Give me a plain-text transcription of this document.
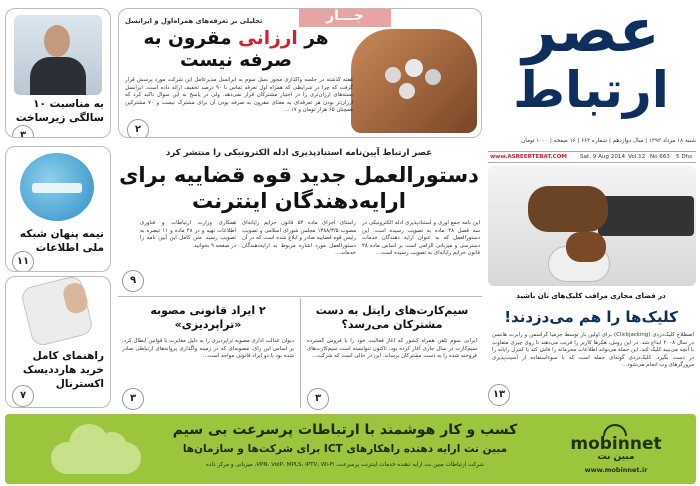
به مناسبت ۱۰ سالگی زیرساخت
۳
نیمه پنهان شبکه ملی اطلاعات
۱۱
راهنمای کامل خرید هارددیسک اکسترنال
۷
جـــار
تحلیلی بر تعرفه‌های همراه‌اول و ایرانسل
هر ارزانی مقرون به
صرفه نیست
هفته گذشته در جلسه واگذاری مجوز نسل سوم به ایرانسل مدیرعامل این شرکت مورد پرسش قرار گرفت که چرا در شرایطی که همراه اول تعرفه تماس با ۹۰ درصد تخفیف ارائه داده است، ایرانسل بسته‌های ارزان‌تری را در اختیار مشترکان قرار نمی‌دهد. ولی در پاسخ به این سوال تاکید کرد که ارزان‌تر بودن هر تعرفه‌ای به معنای مقرون به صرفه بودن آن برای مشترک نیست و ۷۰ مشترکین همچنان ۶۵ هزار تومان و ۱۷ ...
۲
عصر
ارتباط
شنبه ۱۸ مرداد ۱۳۹۳ | سال دوازدهم | شماره ۶۶۳ | ۱۶ صفحه | ۱۰۰۰ تومان
www.ASREERTEBAT.COM Sat. 9 Aug 2014 Vol.12 No.663 5 Dhs
عصر ارتباط آیین‌نامه استنادپذیری ادله الکترونیکی را منتشر کرد
دستورالعمل جدید قوه قضاییه برای
ارایه‌دهندگان اینترنت
این نامه جمع آوری و استنادپذیری ادله الکترونیکی در سه فصل ۴۸ ماده به تصویب رسیده است. این دستورالعمل که به عنوان ارایه دهندگان خدمات دسترسی و میزبانی الزامی است بر اساس ماده ۴۸ قانون جرایم رایانه‌ای به تصویب رسیده است...
راستای اجرای ماده ۵۴ قانون جرایم رایانه‌ای مصوب ۱۳۸۸/۳/۵ مجلس شورای اسلامی و تصویب رئیس قوه قضاییه صادر و ابلاغ شده است که در آن دستورالعمل مورد اشاره مربوط به ارایه‌دهندگان خدمات...
همکاری وزارت ارتباطات و فناوری اطلاعات تهیه و در ۴۸ ماده و ۱۱ تبصره به تصویب رسید. متن کامل این آیین نامه را در صفحه ۹ بخوانید.
۹
در فضای مجازی مراقب کلیک‌های تان باشید
کلیک‌ها را هم می‌دزدند!
اصطلاح کلیک‌دزدی (Clickjacking) برای اولین بار توسط جرمیا گراسمن و رابرت هانسن در سال ۲۰۰۸ ابداع شد. در این روش، هکرها کاربر را فریب می‌دهند تا روی چیزی متفاوت با آنچه می‌بیند کلیک کند. این حمله می‌تواند اطلاعات محرمانه را فاش کند یا کنترل رایانه را در دست بگیرد. کلیک‌دزدی گونه‌ای حمله است که با سوءاستفاده از آسیب‌پذیری مرورگرهای وب انجام می‌شود...
۱۳
سیم‌کارت‌های رایتل به دست مشترکان می‌رسد؟
ایرانی سوم تلفن همراه کشور که آغاز فعالیت خود را با فروش گسترده سیم‌کارت در سال جاری آغاز کرده بود، تاکنون نتوانسته است سیم‌کارت‌های فروخته شده را به دست مشترکان برساند. این در حالی است که شرکت...
۳
۲ ایراد قانونی مصوبه «تراپردیزی»
دیوان عدالت اداری مصوبه تراپردیزی را به دلیل مغایرت با قوانین ابطال کرد. بر اساس این رای، مصوبه‌ای که در زمینه واگذاری پروانه‌های ارتباطی صادر شده بود با دو ایراد قانونی مواجه است...
۳
کسب و کار هوشمند با ارتباطات پرسرعت بی سیم
مبین نت ارایه دهنده راهکارهای ICT برای شرکت‌ها و سازمان‌ها
شرکت ارتباطات مبین نت ارایه دهنده خدمات اینترنت پرسرعت، VPN، VoIP، MPLS، IPTV، Wi-Fi، میزبانی و مرکز داده
mobinnet
مبین نت
www.mobinnet.ir
